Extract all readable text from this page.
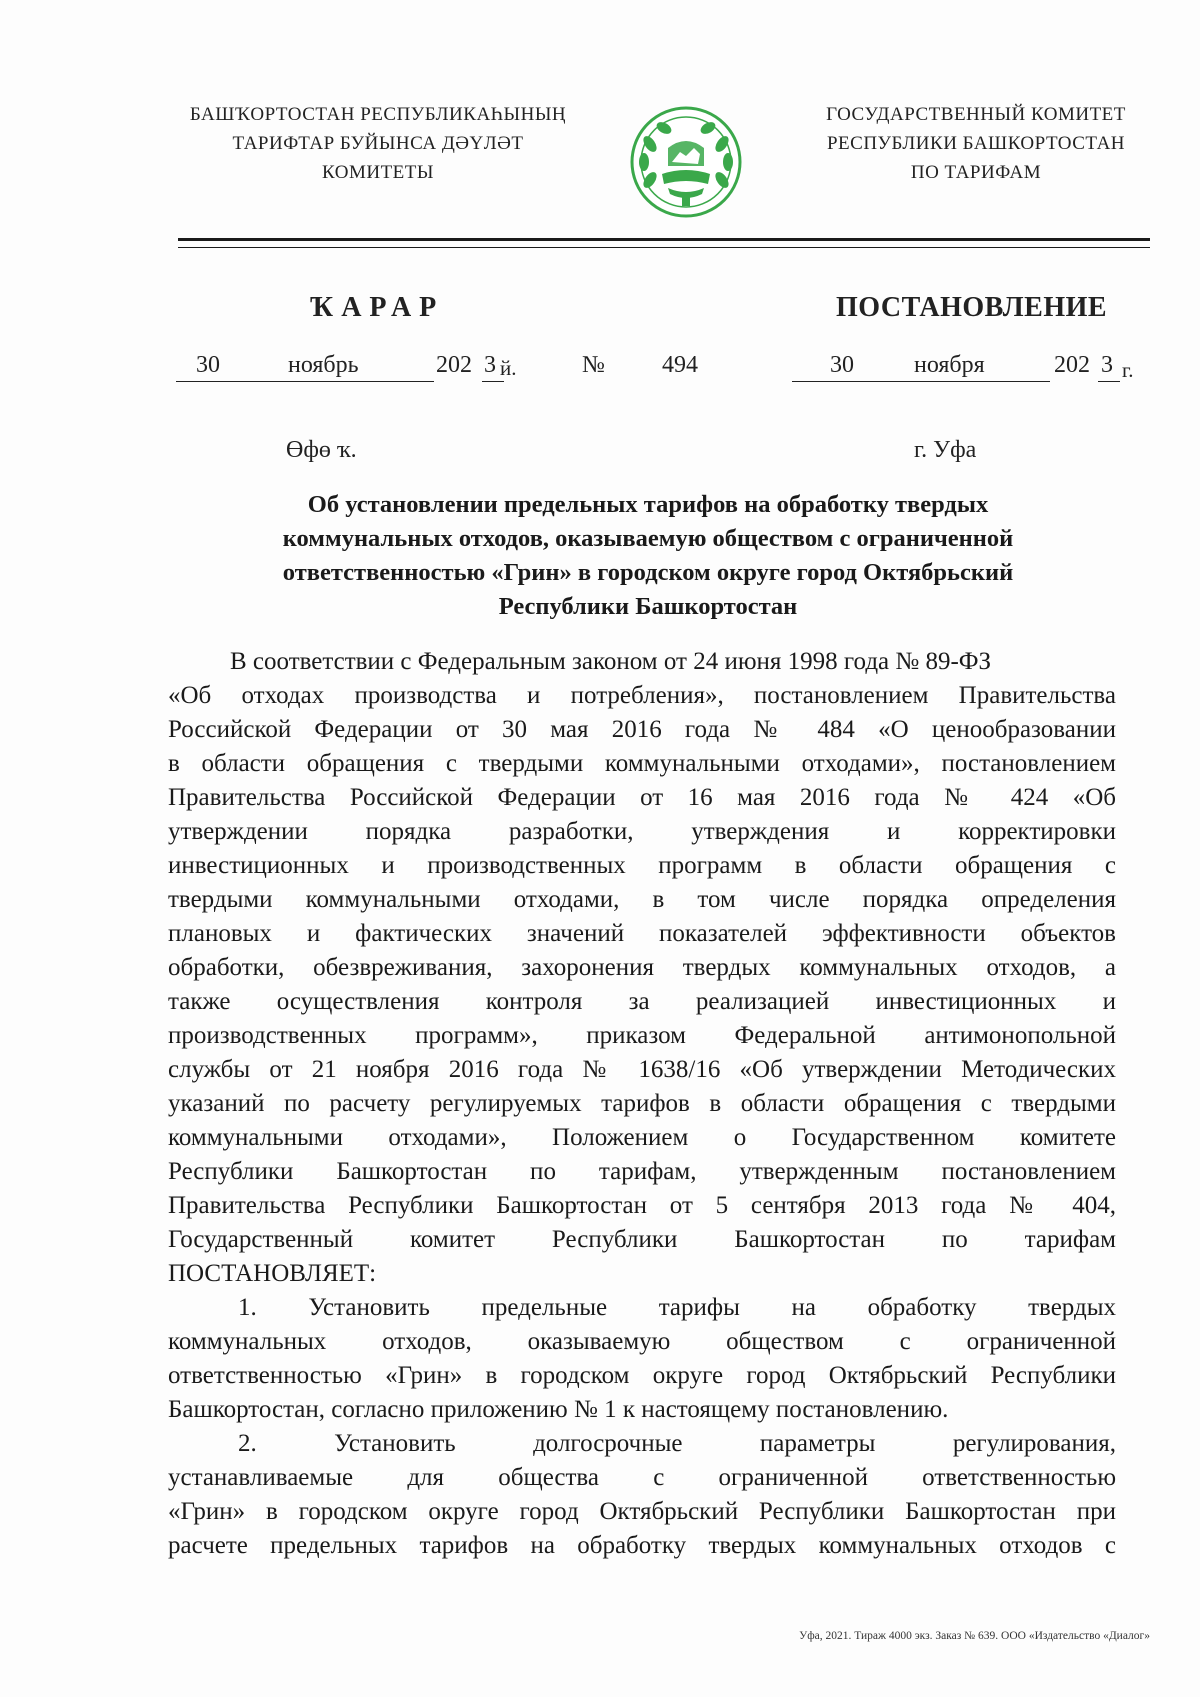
БАШҠОРТОСТАН РЕСПУБЛИКАҺЫНЫҢ
ТАРИФТАР БУЙЫНСА ДӘҮЛӘТ
КОМИТЕТЫ
ГОСУДАРСТВЕННЫЙ КОМИТЕТ
РЕСПУБЛИКИ БАШКОРТОСТАН
ПО ТАРИФАМ
ҠАРАР	ПОСТАНОВЛЕНИЕ
30	ноябрь	202 3 й.	№ 494	30	ноября	202 3 г.
Өфө ҡ.	г. Уфа
Об установлении предельных тарифов на обработку твердых
коммунальных отходов, оказываемую обществом с ограниченной
ответственностью «Грин» в городском округе город Октябрьский
Республики Башкортостан
В соответствии с Федеральным законом от 24 июня 1998 года № 89-ФЗ
«Об отходах производства и потребления», постановлением Правительства
Российской Федерации от 30 мая 2016 года № 484 «О ценообразовании
в области обращения с твердыми коммунальными отходами», постановлением
Правительства Российской Федерации от 16 мая 2016 года № 424 «Об
утверждении порядка разработки, утверждения и корректировки
инвестиционных и производственных программ в области обращения с
твердыми коммунальными отходами, в том числе порядка определения
плановых и фактических значений показателей эффективности объектов
обработки, обезвреживания, захоронения твердых коммунальных отходов, а
также осуществления контроля за реализацией инвестиционных и
производственных программ», приказом Федеральной антимонопольной
службы от 21 ноября 2016 года № 1638/16 «Об утверждении Методических
указаний по расчету регулируемых тарифов в области обращения с твердыми
коммунальными отходами», Положением о Государственном комитете
Республики Башкортостан по тарифам, утвержденным постановлением
Правительства Республики Башкортостан от 5 сентября 2013 года № 404,
Государственный комитет Республики Башкортостан по тарифам
ПОСТАНОВЛЯЕТ:
1. Установить предельные тарифы на обработку твердых
коммунальных отходов, оказываемую обществом с ограниченной
ответственностью «Грин» в городском округе город Октябрьский Республики
Башкортостан, согласно приложению № 1 к настоящему постановлению.
2. Установить долгосрочные параметры регулирования,
устанавливаемые для общества с ограниченной ответственностью
«Грин» в городском округе город Октябрьский Республики Башкортостан при
расчете предельных тарифов на обработку твердых коммунальных отходов с
Уфа, 2021. Тираж 4000 экз. Заказ № 639. ООО «Издательство «Диалог»
